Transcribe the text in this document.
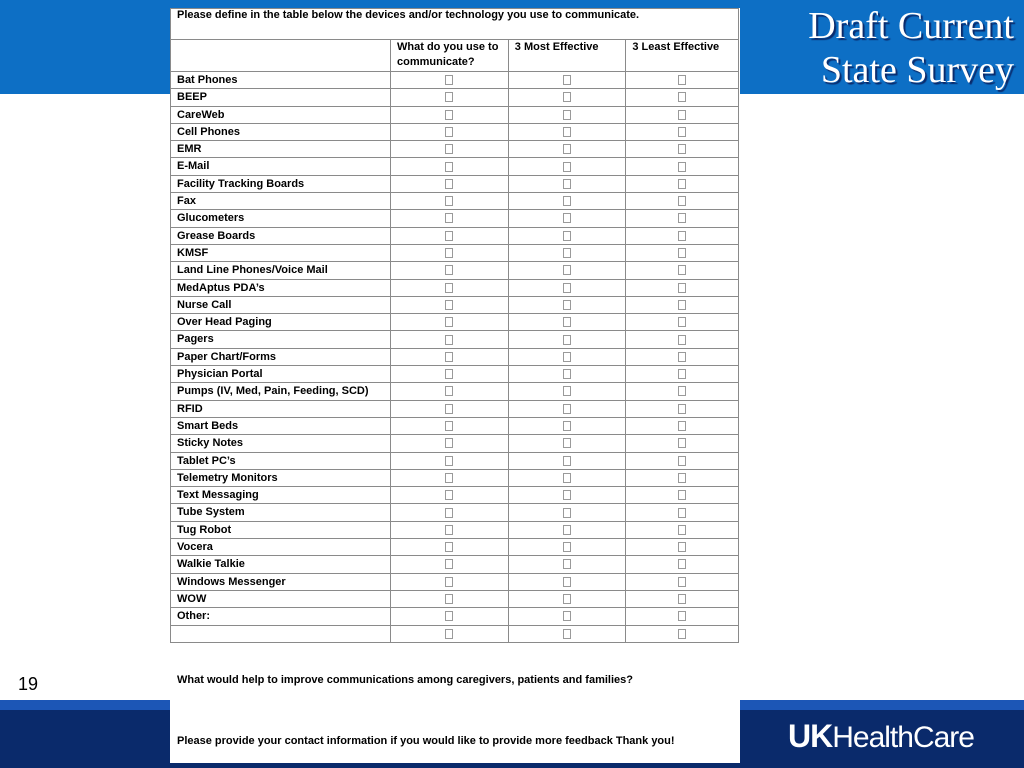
Draft Current
State Survey
19
UKHealthCare
Please define in the table below the devices and/or technology you use to communicate.			
	What do you use to communicate?	3 Most Effective	3 Least Effective
Bat Phones			
BEEP			
CareWeb			
Cell Phones			
EMR			
E-Mail			
Facility Tracking Boards			
Fax			
Glucometers			
Grease Boards			
KMSF			
Land Line Phones/Voice Mail			
MedAptus PDA’s			
Nurse Call			
Over Head Paging			
Pagers			
Paper Chart/Forms			
Physician Portal			
Pumps (IV, Med, Pain, Feeding, SCD)			
RFID			
Smart Beds			
Sticky Notes			
Tablet PC’s			
Telemetry Monitors			
Text Messaging			
Tube System			
Tug Robot			
Vocera			
Walkie Talkie			
Windows Messenger			
WOW			
Other:			

What would help to improve communications among caregivers, patients and families?
Please provide your contact information if you would like to provide more feedback Thank you!
